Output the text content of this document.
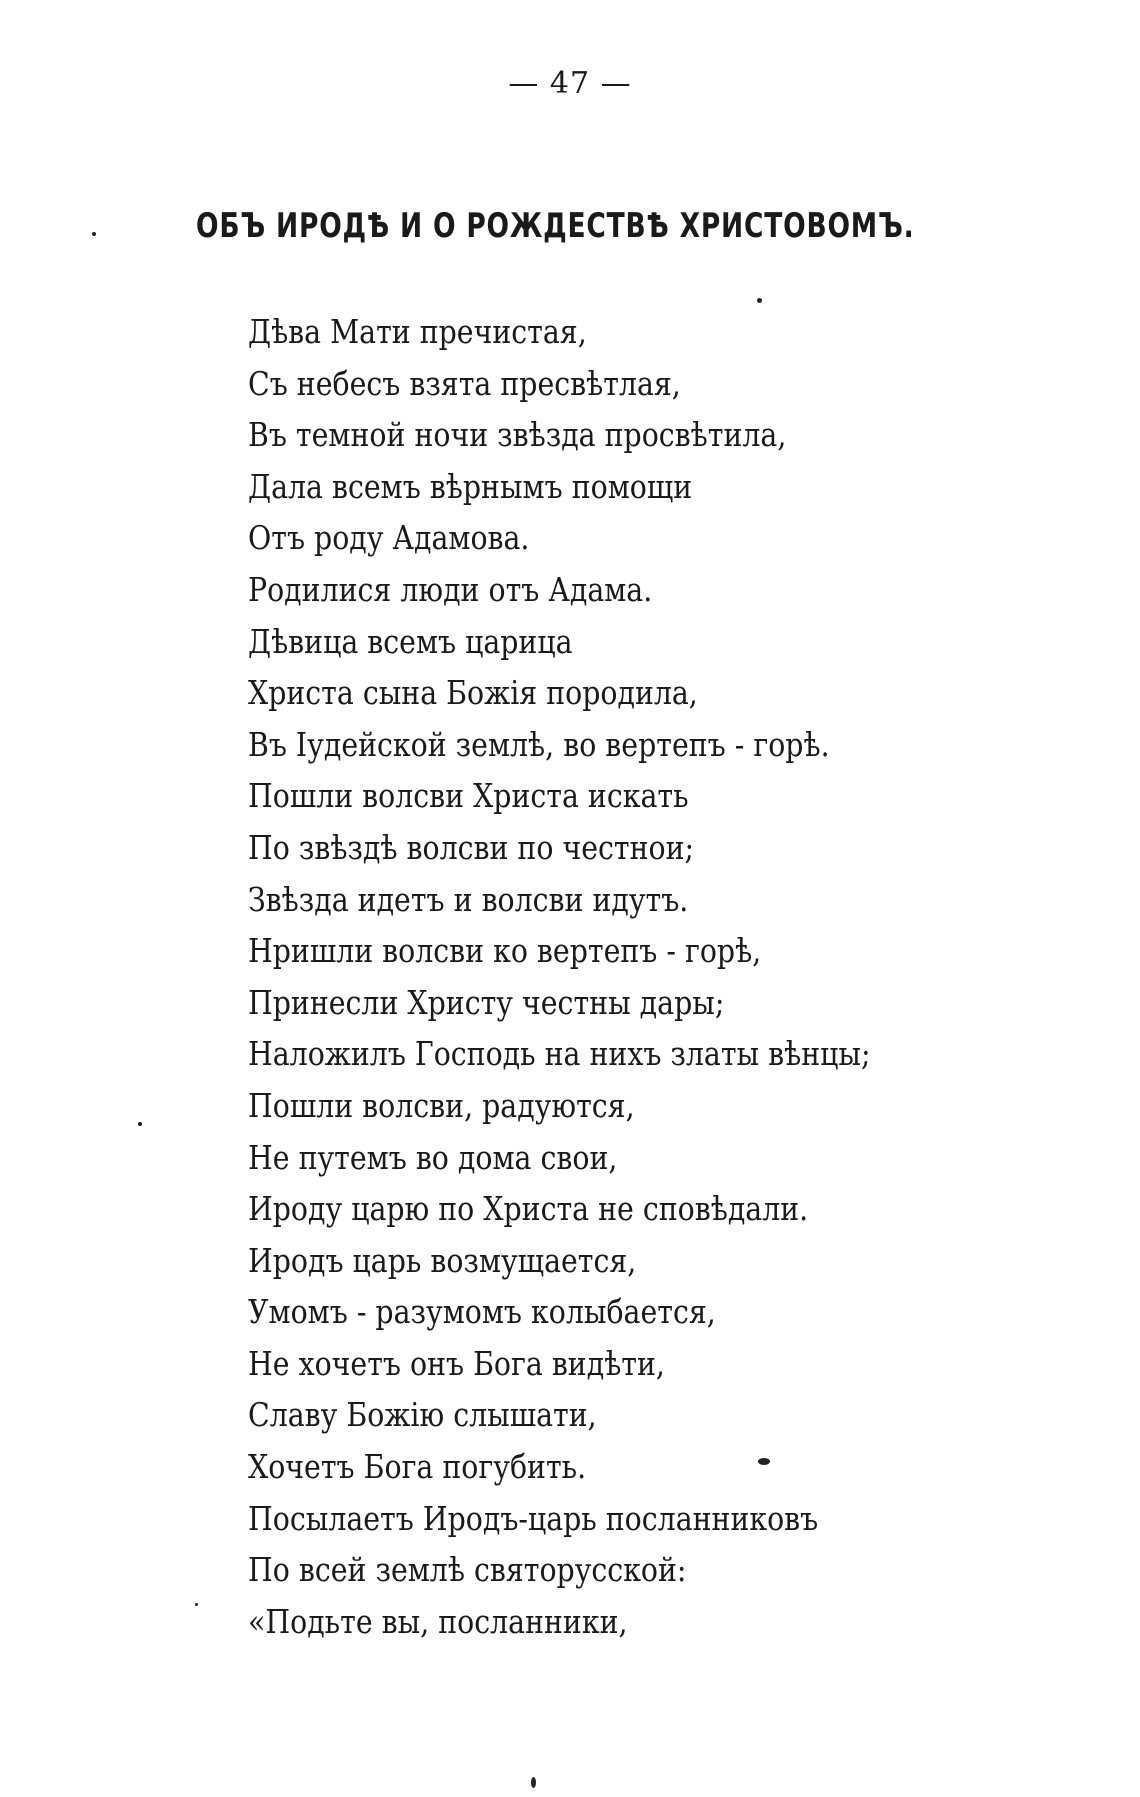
— 47 —
ОБЪ ИРОДѢ И О РОЖДЕСТВѢ ХРИСТОВОМЪ.
Дѣва Мати пречистая,
Съ небесъ взята пресвѣтлая,
Въ темной ночи звѣзда просвѣтила,
Дала всемъ вѣрнымъ помощи
Отъ роду Адамова.
Родилися люди отъ Адама.
Дѣвица всемъ царица
Христа сына Божія породила,
Въ Іудейской землѣ, во вертепъ - горѣ.
Пошли волсви Христа искать
По звѣздѣ волсви по честнои;
Звѣзда идетъ и волсви идутъ.
Нришли волсви ко вертепъ - горѣ,
Принесли Христу честны дары;
Наложилъ Господь на нихъ златы вѣнцы;
Пошли волсви, радуются,
Не путемъ во дома свои,
Ироду царю по Христа не сповѣдали.
Иродъ царь возмущается,
Умомъ - разумомъ колыбается,
Не хочетъ онъ Бога видѣти,
Славу Божію слышати,
Хочетъ Бога погубить.
Посылаетъ Иродъ-царь посланниковъ
По всей землѣ святорусской:
«Подьте вы, посланники,
